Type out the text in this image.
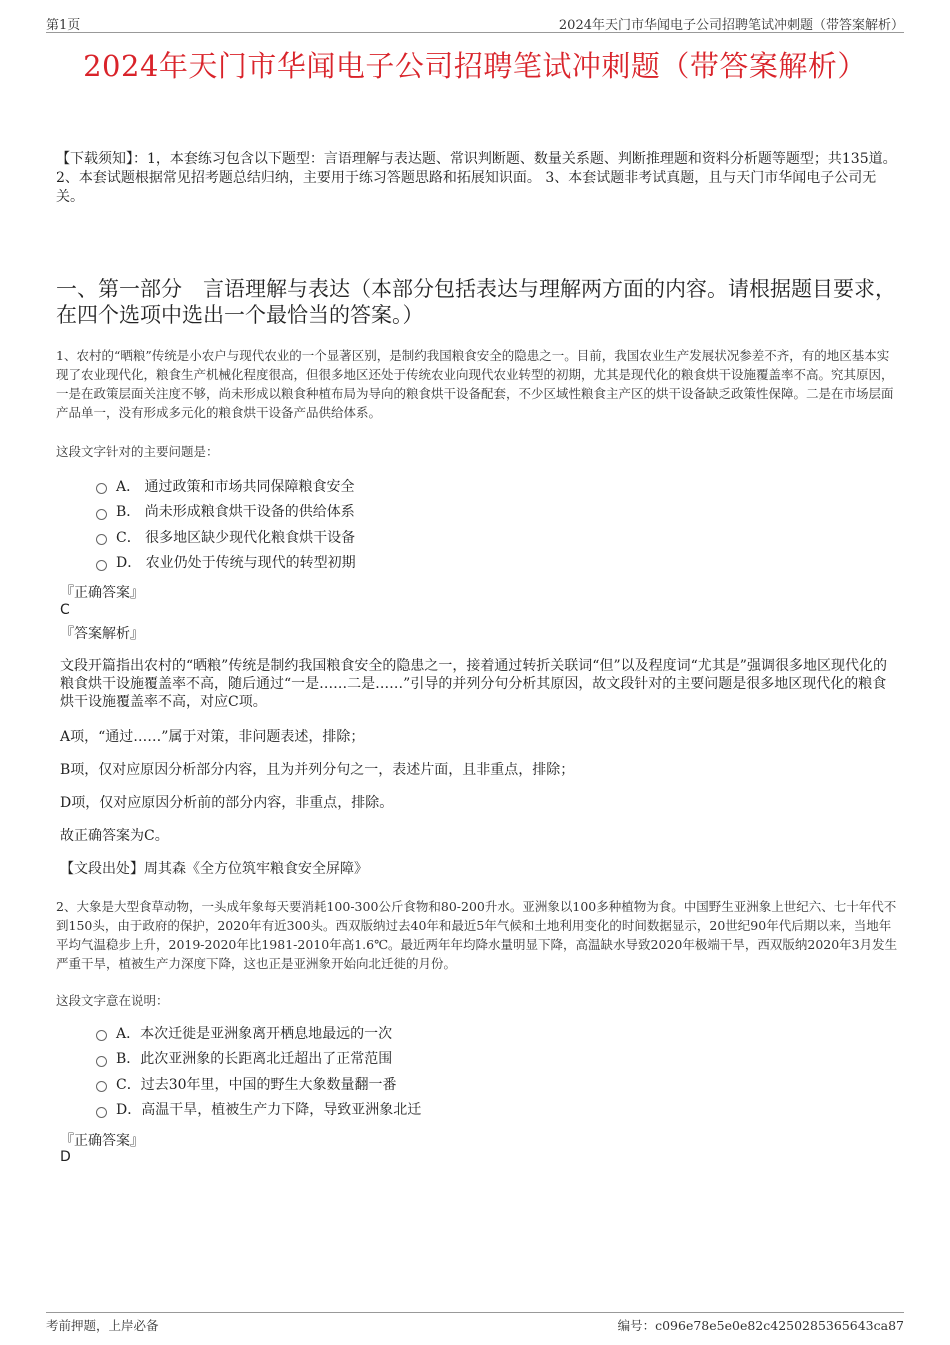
第1页	2024年天门市华闻电子公司招聘笔试冲刺题（带答案解析）
2024年天门市华闻电子公司招聘笔试冲刺题（带答案解析）
【下载须知】：1，本套练习包含以下题型：言语理解与表达题、常识判断题、数量关系题、判断推理题和资料分析题等题型；共135道。 2、本套试题根据常见招考题总结归纳，主要用于练习答题思路和拓展知识面。 3、本套试题非考试真题，且与天门市华闻电子公司无关。
一、第一部分　言语理解与表达（本部分包括表达与理解两方面的内容。请根据题目要求，在四个选项中选出一个最恰当的答案。）
1、农村的“晒粮”传统是小农户与现代农业的一个显著区别，是制约我国粮食安全的隐患之一。目前，我国农业生产发展状况参差不齐，有的地区基本实现了农业现代化，粮食生产机械化程度很高，但很多地区还处于传统农业向现代农业转型的初期，尤其是现代化的粮食烘干设施覆盖率不高。究其原因，一是在政策层面关注度不够，尚未形成以粮食种植布局为导向的粮食烘干设备配套，不少区域性粮食主产区的烘干设备缺乏政策性保障。二是在市场层面产品单一，没有形成多元化的粮食烘干设备产品供给体系。
这段文字针对的主要问题是：
A． 通过政策和市场共同保障粮食安全
B． 尚未形成粮食烘干设备的供给体系
C． 很多地区缺少现代化粮食烘干设备
D． 农业仍处于传统与现代的转型初期
『正确答案』
C
『答案解析』
文段开篇指出农村的“晒粮”传统是制约我国粮食安全的隐患之一，接着通过转折关联词“但”以及程度词“尤其是”强调很多地区现代化的粮食烘干设施覆盖率不高，随后通过“一是……二是……”引导的并列分句分析其原因，故文段针对的主要问题是很多地区现代化的粮食烘干设施覆盖率不高，对应C项。
A项，“通过……”属于对策，非问题表述，排除；
B项，仅对应原因分析部分内容，且为并列分句之一，表述片面，且非重点，排除；
D项，仅对应原因分析前的部分内容，非重点，排除。
故正确答案为C。
【文段出处】周其森《全方位筑牢粮食安全屏障》
2、大象是大型食草动物，一头成年象每天要消耗100-300公斤食物和80-200升水。亚洲象以100多种植物为食。中国野生亚洲象上世纪六、七十年代不到150头，由于政府的保护，2020年有近300头。西双版纳过去40年和最近5年气候和土地利用变化的时间数据显示，20世纪90年代后期以来，当地年平均气温稳步上升，2019-2020年比1981-2010年高1.6℃。最近两年年均降水量明显下降，高温缺水导致2020年极端干旱，西双版纳2020年3月发生严重干旱，植被生产力深度下降，这也正是亚洲象开始向北迁徙的月份。
这段文字意在说明：
A．本次迁徙是亚洲象离开栖息地最远的一次
B．此次亚洲象的长距离北迁超出了正常范围
C．过去30年里，中国的野生大象数量翻一番
D．高温干旱，植被生产力下降，导致亚洲象北迁
『正确答案』
D
考前押题，上岸必备	编号：c096e78e5e0e82c4250285365643ca87
